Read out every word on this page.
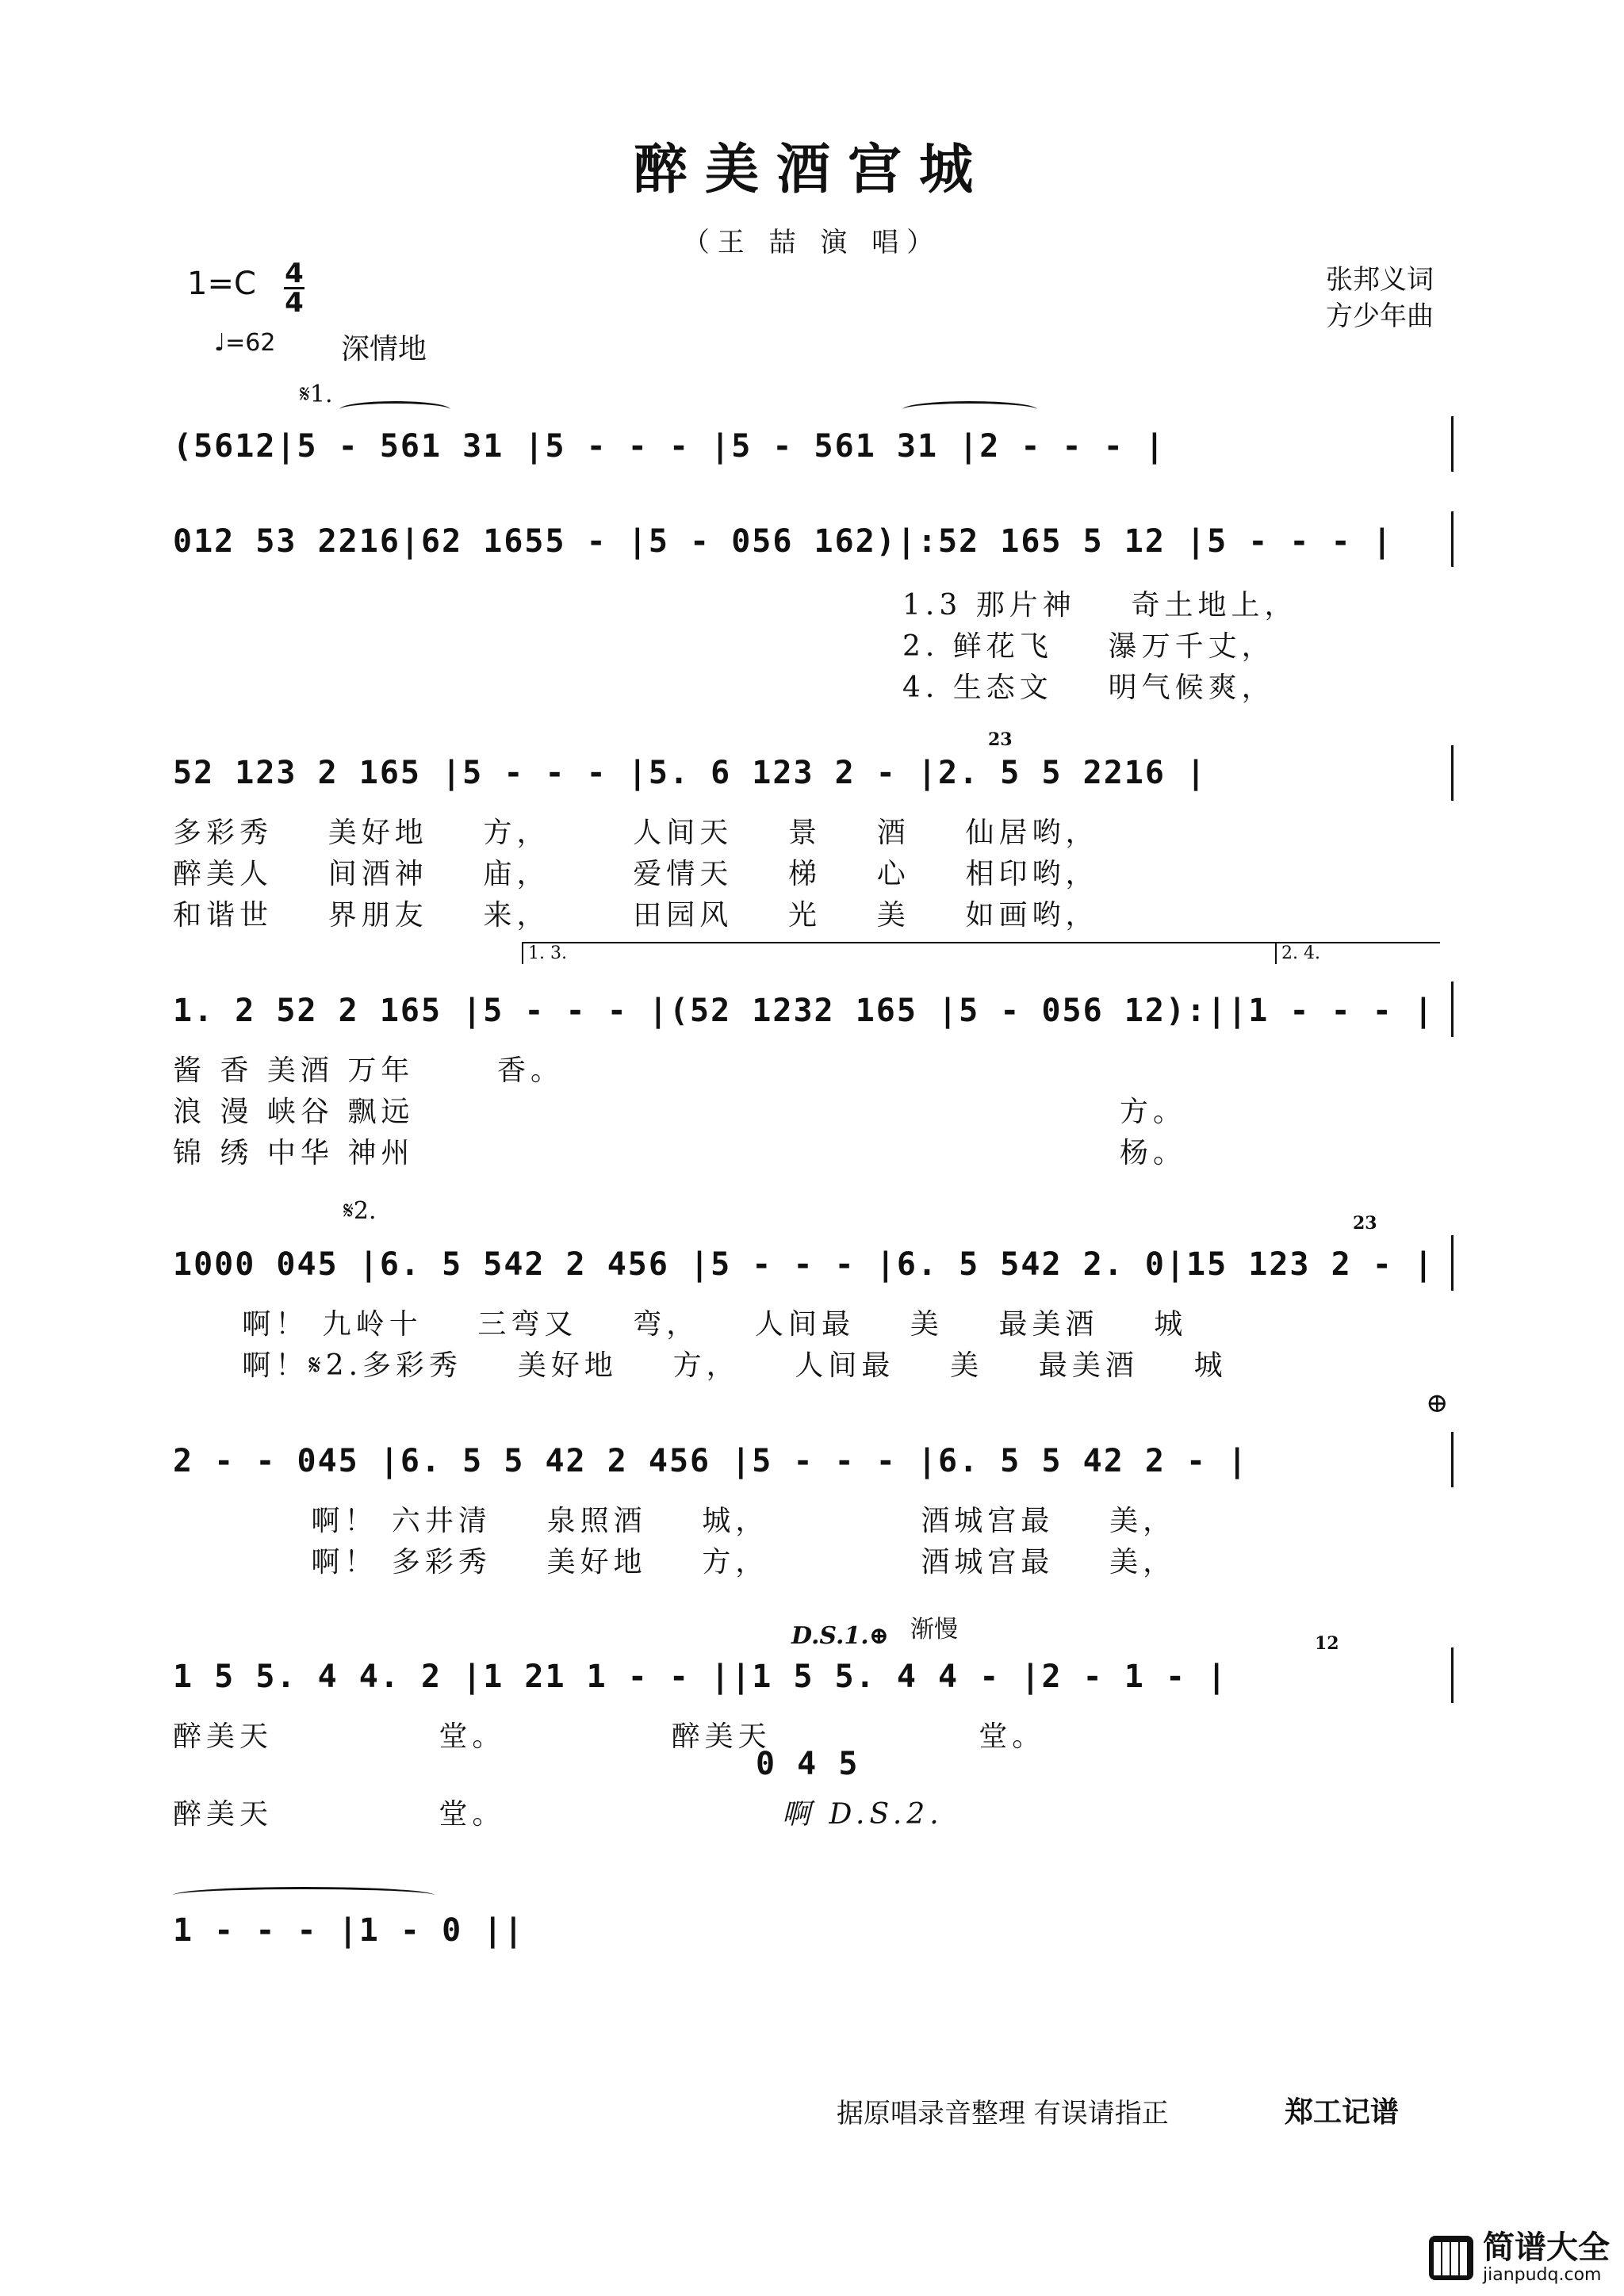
醉美酒宫城
（王 喆 演 唱）
1=C 4
4
张邦义词
方少年曲
♩=62 深情地
𝄋1.
(5612|5 - 561 31 |5 - - - |5 - 561 31 |2 - - - |
012 53 2216|62 1655 - |5 - 056 162)|:52 165 5 12 |5 - - - |
1.3 那片神    奇土地上，
2. 鲜花飞    瀑万千丈，
4. 生态文    明气候爽，
23
52 123 2 165 |5 - - - |5. 6 123 2 - |2. 5 5 2216 |
多彩秀    美好地    方，      人间天    景    酒    仙居哟，
醉美人    间酒神    庙，      爱情天    梯    心    相印哟，
和谐世    界朋友    来，      田园风    光    美    如画哟，
1. 3.	2. 4.
1. 2 52 2 165 |5 - - - |(52 1232 165 |5 - 056 12):||1 - - - |
酱 香 美酒 万年      香。
浪 漫 峡谷 飘远                                                   方。
锦 绣 中华 神州                                                   杨。
𝄋2.	23
1000 045 |6. 5 542 2 456 |5 - - - |6. 5 542 2. 0|15 123 2 - |
啊！ 九岭十    三弯又    弯，    人间最    美    最美酒    城
啊！𝄋2.多彩秀    美好地    方，    人间最    美    最美酒    城
⊕
2 - - 045 |6. 5 5 42 2 456 |5 - - - |6. 5 5 42 2 - |
啊！ 六井清    泉照酒    城，           酒城宫最    美，
啊！ 多彩秀    美好地    方，           酒城宫最    美，
D.S.1.⊕ 渐慢	12
1 5 5. 4 4. 2 |1 21 1 - - ||1 5 5. 4 4 - |2 - 1 - |
醉美天            堂。            醉美天               堂。
0 4 5
醉美天            堂。	啊 D.S.2.
1 - - - |1 - 0 ||
据原唱录音整理 有误请指正	郑工记谱
简谱大全
jianpudq.com
